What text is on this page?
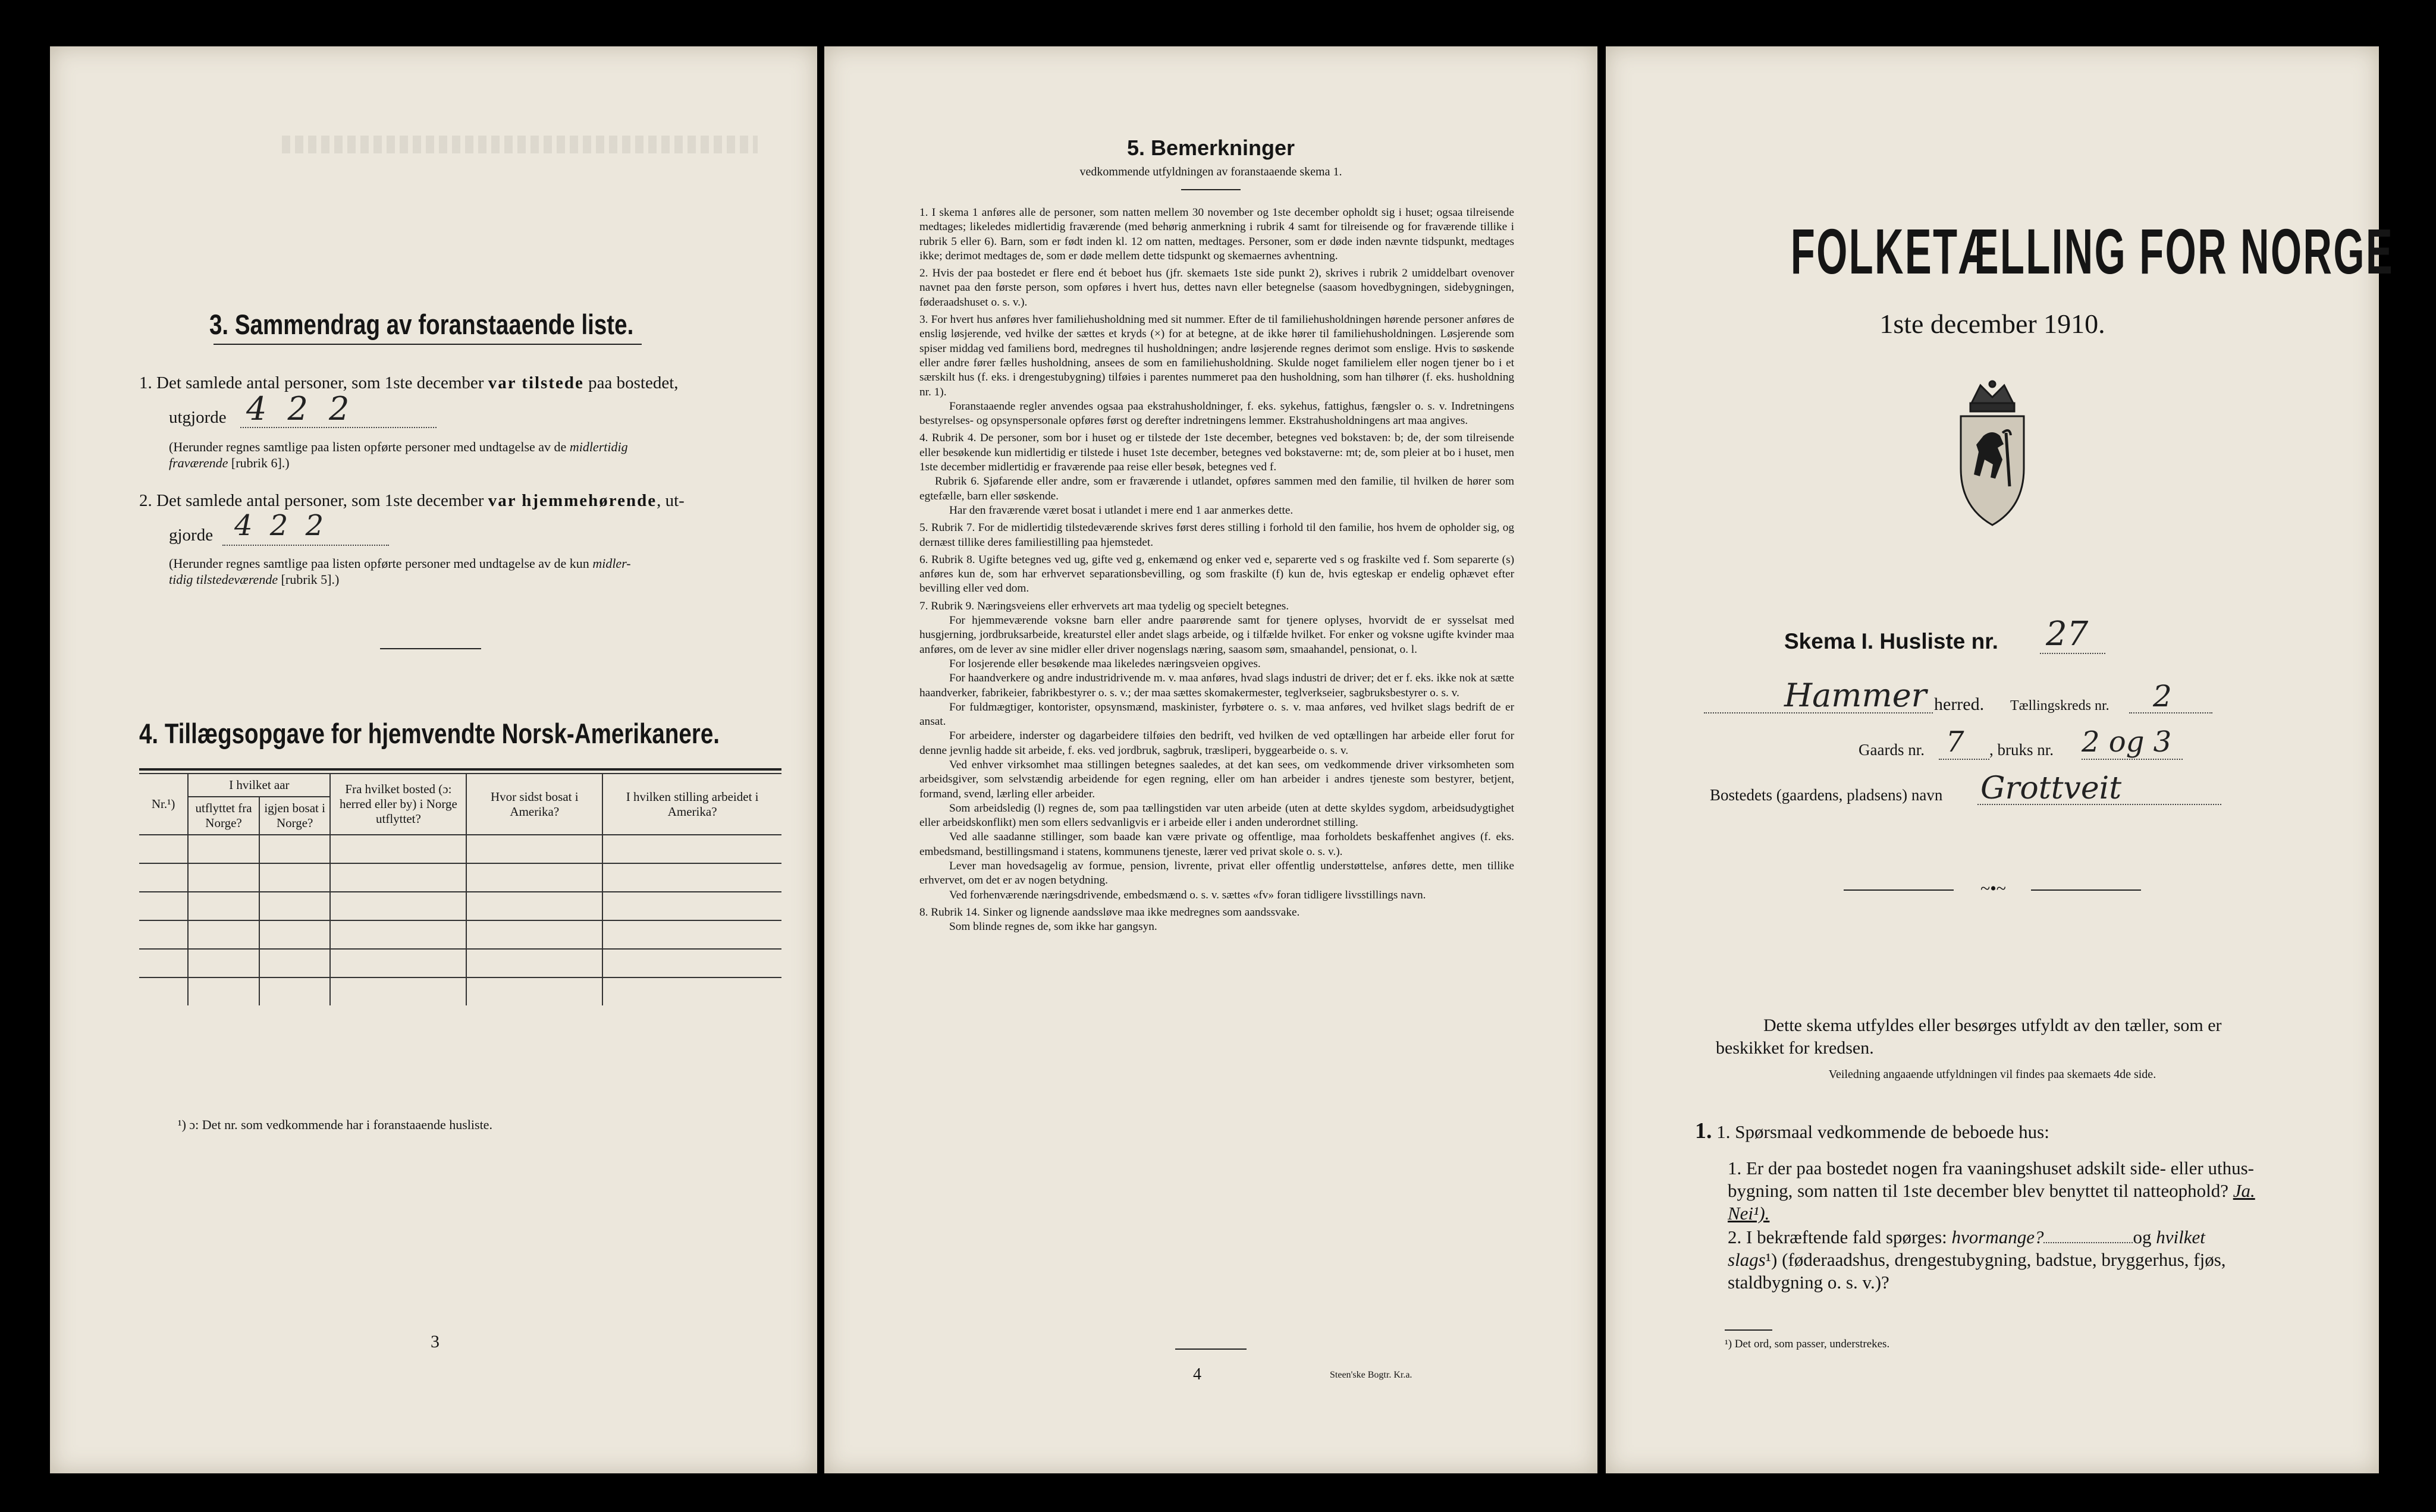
3. Sammendrag av foranstaaende liste.
1. Det samlede antal personer, som 1ste december var tilstede paa bostedet,
utgjorde 4 2 2
(Herunder regnes samtlige paa listen opførte personer med undtagelse av de midlertidig
fraværende [rubrik 6].)
2. Det samlede antal personer, som 1ste december var hjemmehørende, ut-
gjorde 4 2 2
(Herunder regnes samtlige paa listen opførte personer med undtagelse av de kun midler-
tidig tilstedeværende [rubrik 5].)
4. Tillægsopgave for hjemvendte Norsk-Amerikanere.
Nr.¹)	I hvilket aar		Fra hvilket bosted (ɔ: herred eller by) i Norge utflyttet?	Hvor sidst bosat i Amerika?	I hvilken stilling arbeidet i Amerika?
	utflyttet fra Norge?	igjen bosat i Norge?			

¹) ɔ: Det nr. som vedkommende har i foranstaaende husliste.
3
5. Bemerkninger
vedkommende utfyldningen av foranstaaende skema 1.

1. I skema 1 anføres alle de personer, som natten mellem 30 november og 1ste december opholdt sig i huset; ogsaa tilreisende medtages; likeledes midlertidig fraværende (med behørig anmerkning i rubrik 4 samt for tilreisende og for fraværende tillike i rubrik 5 eller 6). Barn, som er født inden kl. 12 om natten, medtages. Personer, som er døde inden nævnte tidspunkt, medtages ikke; derimot medtages de, som er døde mellem dette tidspunkt og skemaernes avhentning.

2. Hvis der paa bostedet er flere end ét beboet hus (jfr. skemaets 1ste side punkt 2), skrives i rubrik 2 umiddelbart ovenover navnet paa den første person, som opføres i hvert hus, dettes navn eller betegnelse (saasom hovedbygningen, sidebygningen, føderaadshuset o. s. v.).

3. For hvert hus anføres hver familiehusholdning med sit nummer. Efter de til familiehusholdningen hørende personer anføres de enslig løsjerende, ved hvilke der sættes et kryds (×) for at betegne, at de ikke hører til familiehusholdningen. Løsjerende som spiser middag ved familiens bord, medregnes til husholdningen; andre løsjerende regnes derimot som enslige. Hvis to søskende eller andre fører fælles husholdning, ansees de som en familiehusholdning. Skulde noget familielem eller nogen tjener bo i et særskilt hus (f. eks. i drengestubygning) tilføies i parentes nummeret paa den husholdning, som han tilhører (f. eks. husholdning nr. 1).

Foranstaaende regler anvendes ogsaa paa ekstrahusholdninger, f. eks. sykehus, fattighus, fængsler o. s. v. Indretningens bestyrelses- og opsynspersonale opføres først og derefter indretningens lemmer. Ekstrahusholdningens art maa angives.

4. Rubrik 4. De personer, som bor i huset og er tilstede der 1ste december, betegnes ved bokstaven: b; de, der som tilreisende eller besøkende kun midlertidig er tilstede i huset 1ste december, betegnes ved bokstaverne: mt; de, som pleier at bo i huset, men 1ste december midlertidig er fraværende paa reise eller besøk, betegnes ved f.

Rubrik 6. Sjøfarende eller andre, som er fraværende i utlandet, opføres sammen med den familie, til hvilken de hører som egtefælle, barn eller søskende.

Har den fraværende været bosat i utlandet i mere end 1 aar anmerkes dette.

5. Rubrik 7. For de midlertidig tilstedeværende skrives først deres stilling i forhold til den familie, hos hvem de opholder sig, og dernæst tillike deres familiestilling paa hjemstedet.

6. Rubrik 8. Ugifte betegnes ved ug, gifte ved g, enkemænd og enker ved e, separerte ved s og fraskilte ved f. Som separerte (s) anføres kun de, som har erhvervet separationsbevilling, og som fraskilte (f) kun de, hvis egteskap er endelig ophævet efter bevilling eller ved dom.

7. Rubrik 9. Næringsveiens eller erhvervets art maa tydelig og specielt betegnes.

For hjemmeværende voksne barn eller andre paarørende samt for tjenere oplyses, hvorvidt de er sysselsat med husgjerning, jordbruksarbeide, kreaturstel eller andet slags arbeide, og i tilfælde hvilket. For enker og voksne ugifte kvinder maa anføres, om de lever av sine midler eller driver nogenslags næring, saasom søm, smaahandel, pensionat, o. l.

For losjerende eller besøkende maa likeledes næringsveien opgives.

For haandverkere og andre industridrivende m. v. maa anføres, hvad slags industri de driver; det er f. eks. ikke nok at sætte haandverker, fabrikeier, fabrikbestyrer o. s. v.; der maa sættes skomakermester, teglverkseier, sagbruksbestyrer o. s. v.

For fuldmægtiger, kontorister, opsynsmænd, maskinister, fyrbøtere o. s. v. maa anføres, ved hvilket slags bedrift de er ansat.

For arbeidere, inderster og dagarbeidere tilføies den bedrift, ved hvilken de ved optællingen har arbeide eller forut for denne jevnlig hadde sit arbeide, f. eks. ved jordbruk, sagbruk, træsliperi, byggearbeide o. s. v.

Ved enhver virksomhet maa stillingen betegnes saaledes, at det kan sees, om vedkommende driver virksomheten som arbeidsgiver, som selvstændig arbeidende for egen regning, eller om han arbeider i andres tjeneste som bestyrer, betjent, formand, svend, lærling eller arbeider.

Som arbeidsledig (l) regnes de, som paa tællingstiden var uten arbeide (uten at dette skyldes sygdom, arbeidsudygtighet eller arbeidskonflikt) men som ellers sedvanligvis er i arbeide eller i anden underordnet stilling.

Ved alle saadanne stillinger, som baade kan være private og offentlige, maa forholdets beskaffenhet angives (f. eks. embedsmand, bestillingsmand i statens, kommunens tjeneste, lærer ved privat skole o. s. v.).

Lever man hovedsagelig av formue, pension, livrente, privat eller offentlig understøttelse, anføres dette, men tillike erhvervet, om det er av nogen betydning.

Ved forhenværende næringsdrivende, embedsmænd o. s. v. sættes «fv» foran tidligere livsstillings navn.

8. Rubrik 14. Sinker og lignende aandssløve maa ikke medregnes som aandssvake.

Som blinde regnes de, som ikke har gangsyn.

4	Steen'ske Bogtr. Kr.a.
FOLKETÆLLING FOR NORGE
1ste december 1910.
Skema I. Husliste nr. 27
Hammer herred. Tællingskreds nr. 2
Gaards nr. 7 , bruks nr. 2 og 3
Bostedets (gaardens, pladsens) navn Grottveit
~•~
Dette skema utfyldes eller besørges utfyldt av den tæller, som er beskikket for kredsen.
Veiledning angaaende utfyldningen vil findes paa skemaets 4de side.
1. 1. Spørsmaal vedkommende de beboede hus:
1. Er der paa bostedet nogen fra vaaningshuset adskilt side- eller uthus-bygning, som natten til 1ste december blev benyttet til natteophold? Ja. Nei¹).
2. I bekræftende fald spørges: hvormange?	og hvilket slags¹) (føderaadshus, drengestubygning, badstue, bryggerhus, fjøs, staldbygning o. s. v.)?
¹) Det ord, som passer, understrekes.
